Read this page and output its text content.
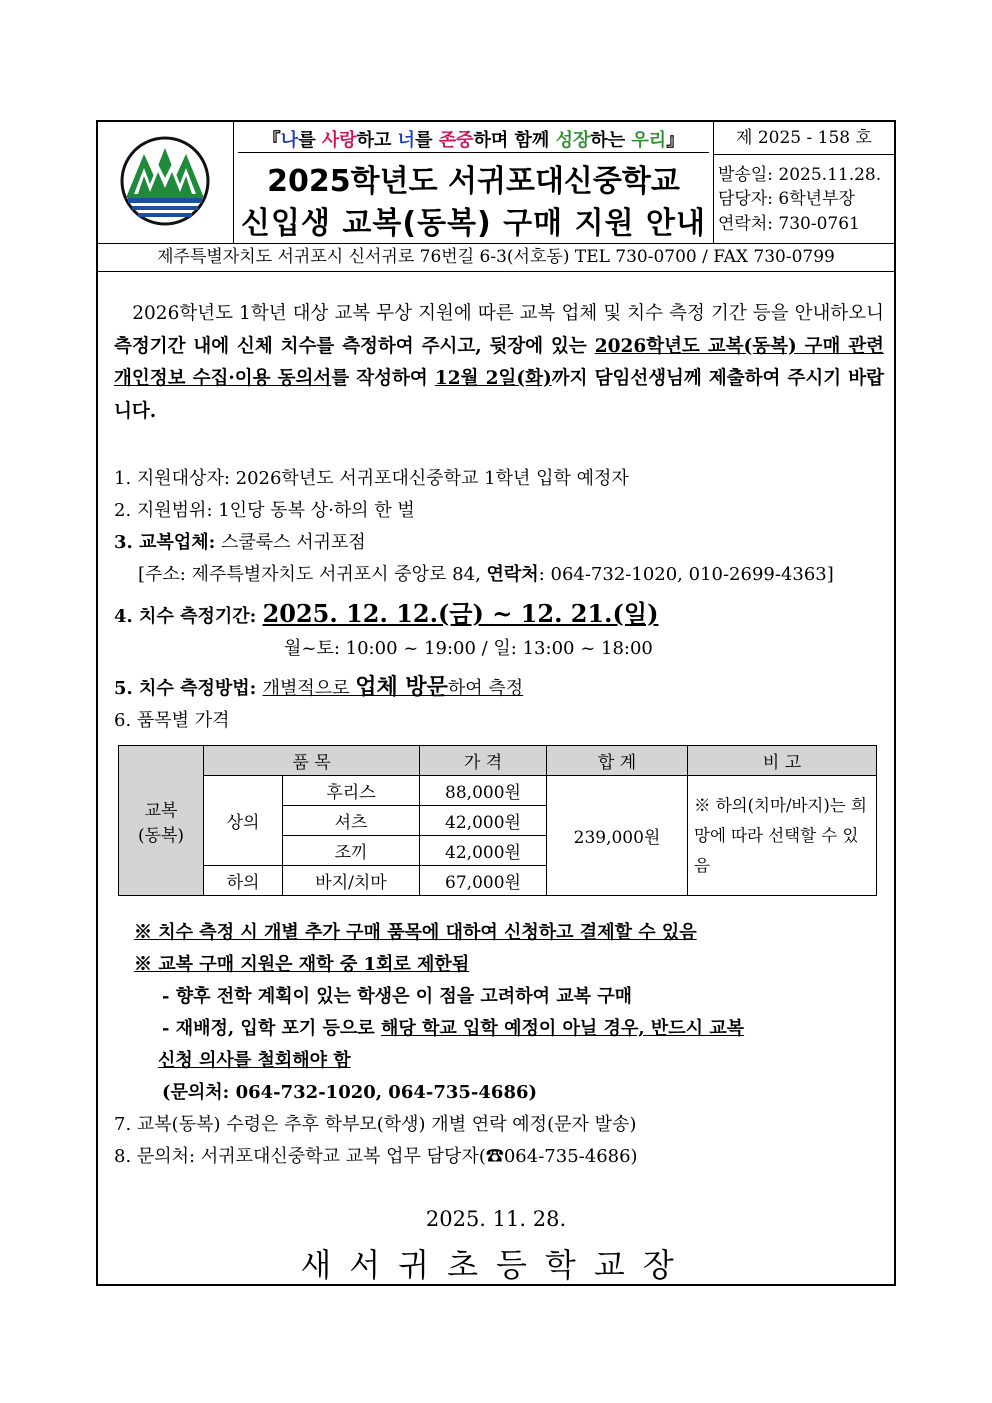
『나를 사랑하고 너를 존중하며 함께 성장하는 우리』
2025학년도 서귀포대신중학교
신입생 교복(동복) 구매 지원 안내
제 2025 - 158 호
발송일: 2025.11.28.
담당자: 6학년부장
연락처: 730-0761
제주특별자치도 서귀포시 신서귀로 76번길 6-3(서호동) TEL 730-0700 / FAX 730-0799
2026학년도 1학년 대상 교복 무상 지원에 따른 교복 업체 및 치수 측정 기간 등을 안내하오니 측정기간 내에 신체 치수를 측정하여 주시고, 뒷장에 있는 2026학년도 교복(동복) 구매 관련 개인정보 수집·이용 동의서를 작성하여 12월 2일(화)까지 담임선생님께 제출하여 주시기 바랍니다.
1. 지원대상자: 2026학년도 서귀포대신중학교 1학년 입학 예정자
2. 지원범위: 1인당 동복 상·하의 한 벌
3. 교복업체: 스쿨룩스 서귀포점
[주소: 제주특별자치도 서귀포시 중앙로 84, 연락처: 064-732-1020, 010-2699-4363]
4. 치수 측정기간: 2025. 12. 12.(금) ~ 12. 21.(일)
월~토: 10:00 ~ 19:00 / 일: 13:00 ~ 18:00
5. 치수 측정방법: 개별적으로 업체 방문하여 측정
6. 품목별 가격
교복
(동복)	품 목		가 격	합 계	비 고
	상의	후리스	88,000원	239,000원	※ 하의(치마/바지)는 희망에 따라 선택할 수 있음
		셔츠	42,000원		
		조끼	42,000원		
	하의	바지/치마	67,000원		
※ 치수 측정 시 개별 추가 구매 품목에 대하여 신청하고 결제할 수 있음
※ 교복 구매 지원은 재학 중 1회로 제한됨
- 향후 전학 계획이 있는 학생은 이 점을 고려하여 교복 구매
- 재배정, 입학 포기 등으로 해당 학교 입학 예정이 아닐 경우, 반드시 교복
신청 의사를 철회해야 함
(문의처: 064-732-1020, 064-735-4686)
7. 교복(동복) 수령은 추후 학부모(학생) 개별 연락 예정(문자 발송)
8. 문의처: 서귀포대신중학교 교복 업무 담당자(☎064-735-4686)
2025. 11. 28.
새서귀초등학교장
